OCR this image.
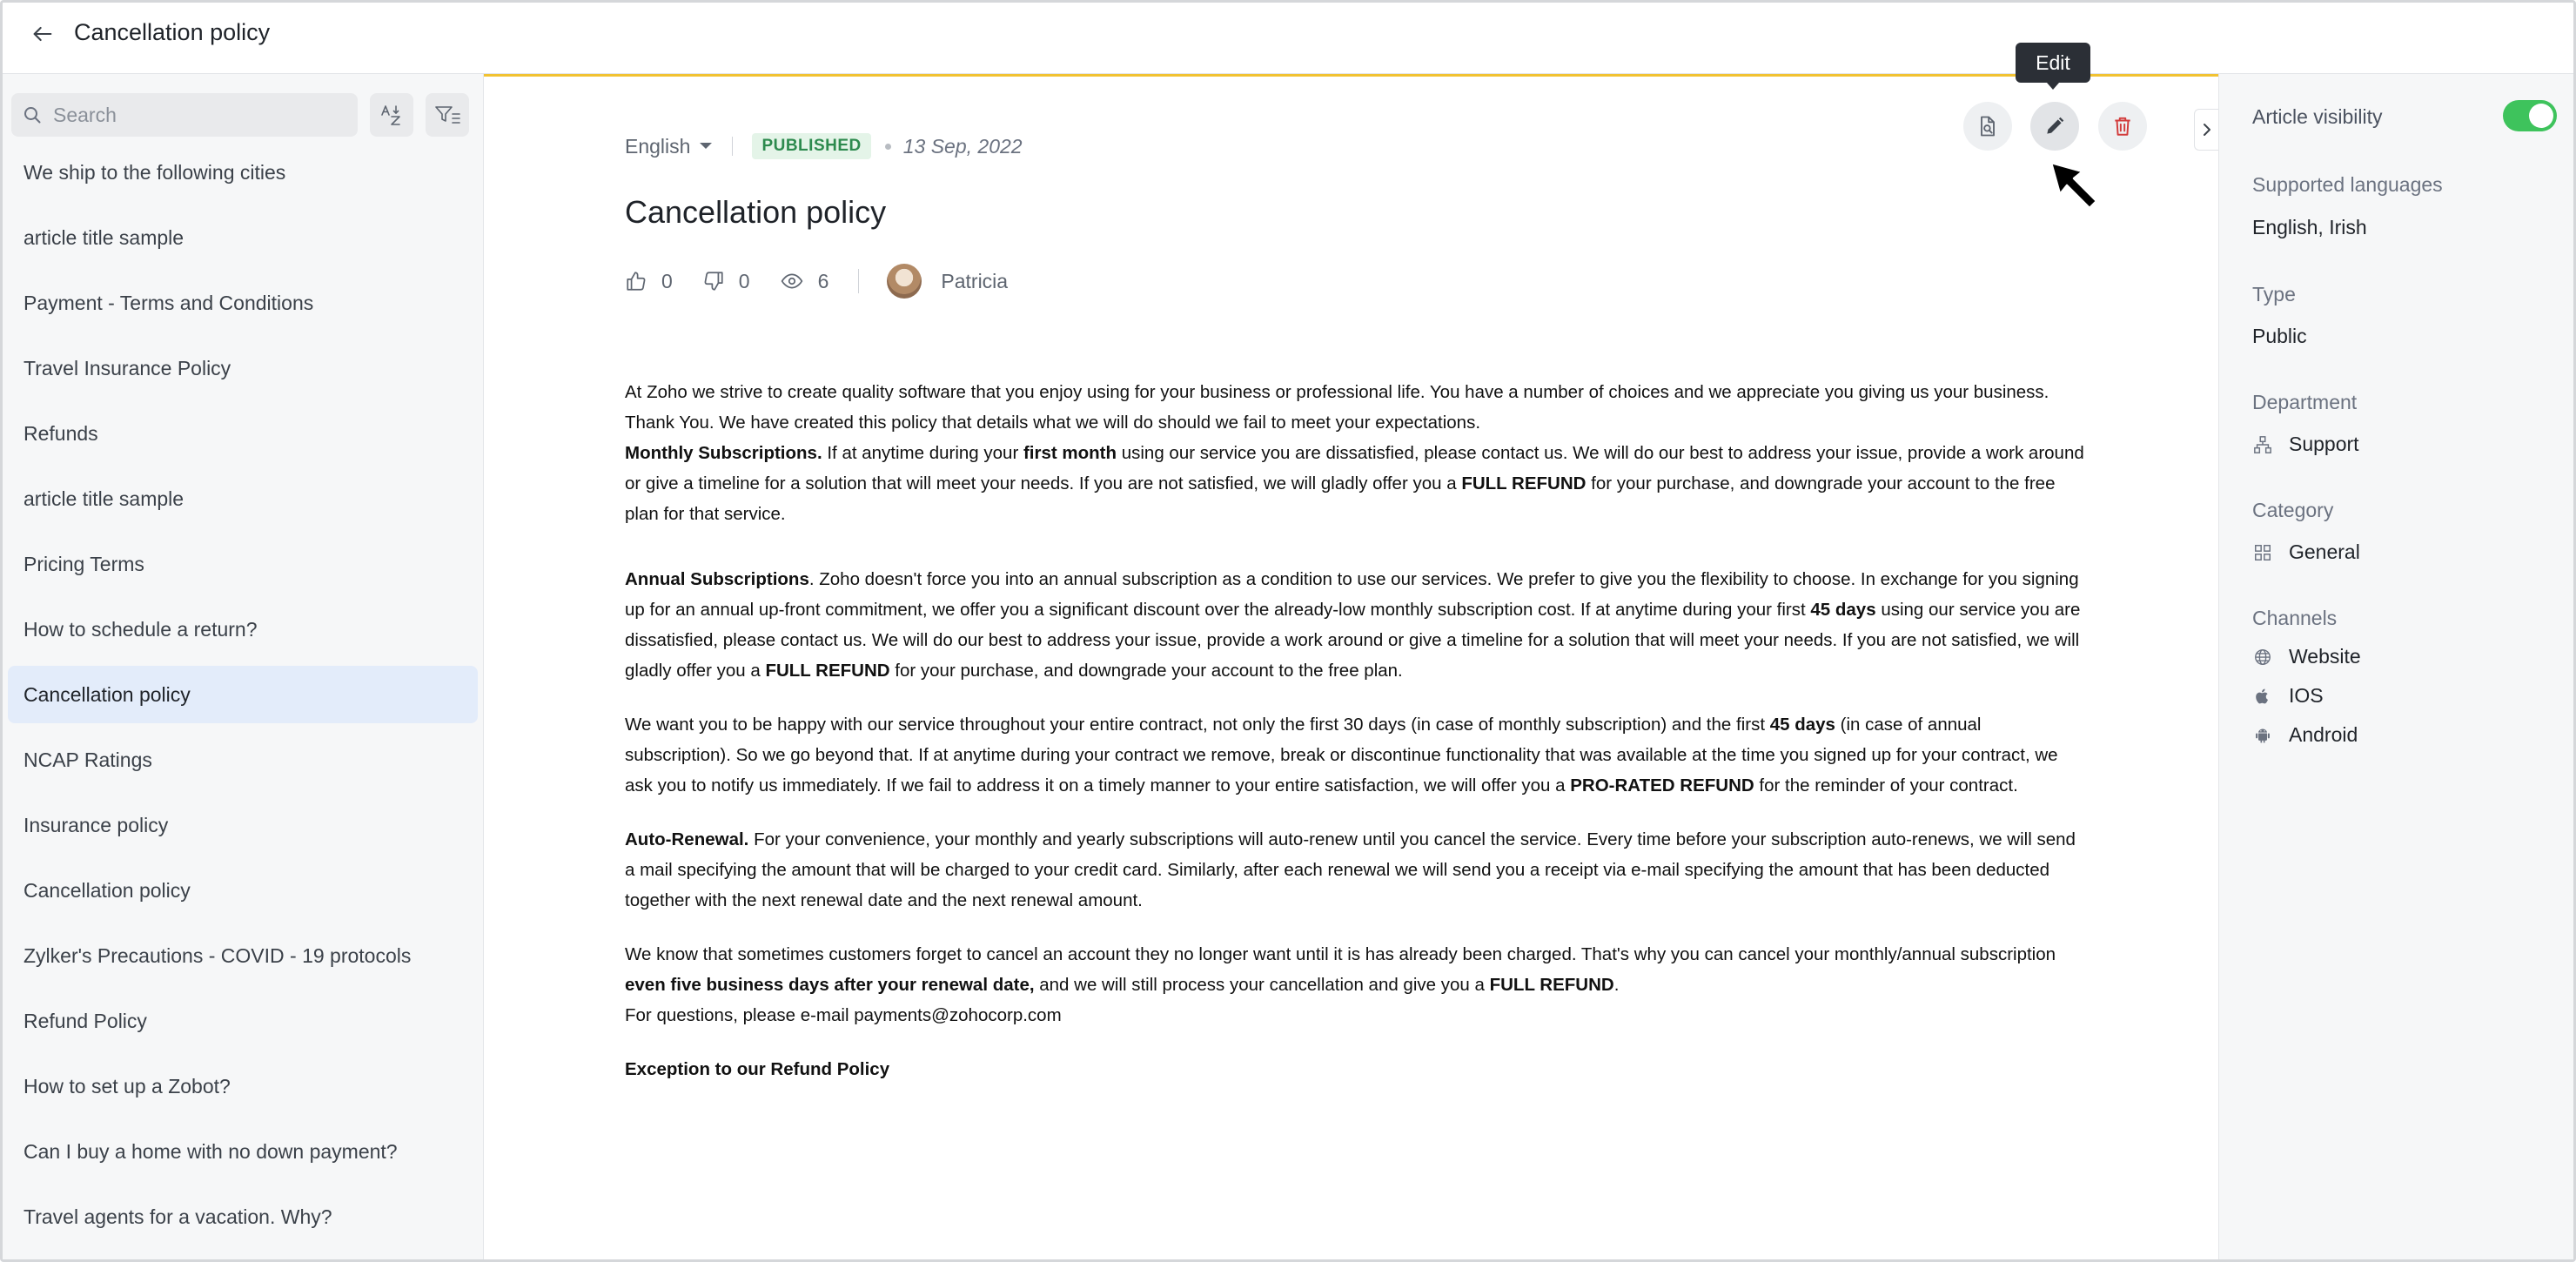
Cancellation policy
Search
We ship to the following cities
article title sample
Payment - Terms and Conditions
Travel Insurance Policy
Refunds
article title sample
Pricing Terms
How to schedule a return?
Cancellation policy
NCAP Ratings
Insurance policy
Cancellation policy
Zylker's Precautions - COVID - 19 protocols
Refund Policy
How to set up a Zobot?
Can I buy a home with no down payment?
Travel agents for a vacation. Why?
English	PUBLISHED	13 Sep, 2022
Cancellation policy
0	0	6	Patricia

At Zoho we strive to create quality software that you enjoy using for your business or professional life. You have a number of choices and we appreciate you giving us your business. Thank You. We have created this policy that details what we will do should we fail to meet your expectations.

Monthly Subscriptions. If at anytime during your first month using our service you are dissatisfied, please contact us. We will do our best to address your issue, provide a work around or give a timeline for a solution that will meet your needs. If you are not satisfied, we will gladly offer you a FULL REFUND for your purchase, and downgrade your account to the free plan for that service.

Annual Subscriptions. Zoho doesn't force you into an annual subscription as a condition to use our services. We prefer to give you the flexibility to choose. In exchange for you signing up for an annual up-front commitment, we offer you a significant discount over the already-low monthly subscription cost. If at anytime during your first 45 days using our service you are dissatisfied, please contact us. We will do our best to address your issue, provide a work around or give a timeline for a solution that will meet your needs. If you are not satisfied, we will gladly offer you a FULL REFUND for your purchase, and downgrade your account to the free plan.

We want you to be happy with our service throughout your entire contract, not only the first 30 days (in case of monthly subscription) and the first 45 days (in case of annual subscription). So we go beyond that. If at anytime during your contract we remove, break or discontinue functionality that was available at the time you signed up for your contract, we ask you to notify us immediately. If we fail to address it on a timely manner to your entire satisfaction, we will offer you a PRO-RATED REFUND for the reminder of your contract.

Auto-Renewal. For your convenience, your monthly and yearly subscriptions will auto-renew until you cancel the service. Every time before your subscription auto-renews, we will send a mail specifying the amount that will be charged to your credit card. Similarly, after each renewal we will send you a receipt via e-mail specifying the amount that has been deducted together with the next renewal date and the next renewal amount.

We know that sometimes customers forget to cancel an account they no longer want until it is has already been charged. That's why you can cancel your monthly/annual subscription even five business days after your renewal date, and we will still process your cancellation and give you a FULL REFUND.

For questions, please e-mail payments@zohocorp.com

Exception to our Refund Policy

Edit
Article visibility
Supported languages
English, Irish
Type
Public
Department
Support
Category
General
Channels
Website
IOS
Android
